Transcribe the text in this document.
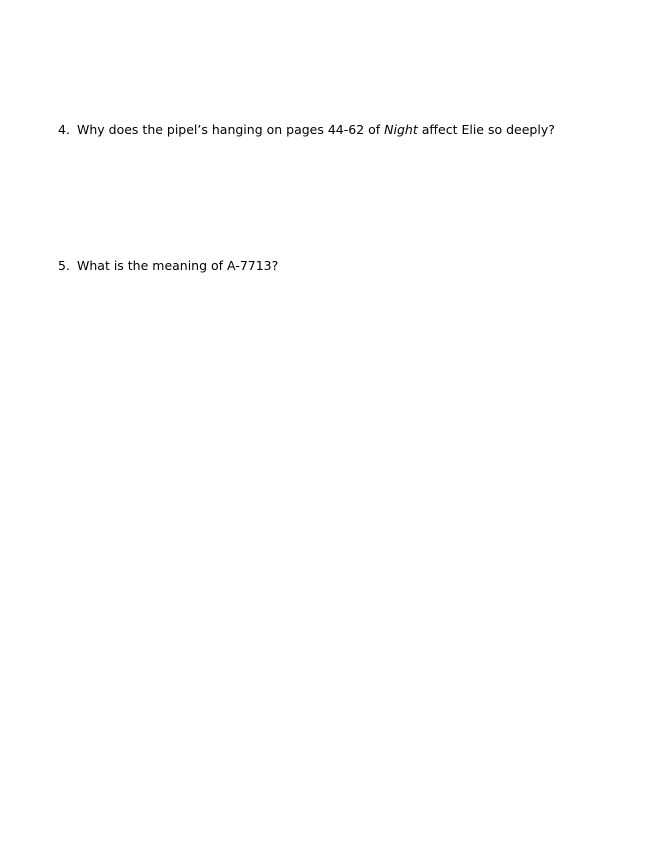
4. Why does the pipel’s hanging on pages 44-62 of Night affect Elie so deeply?
5. What is the meaning of A-7713?
